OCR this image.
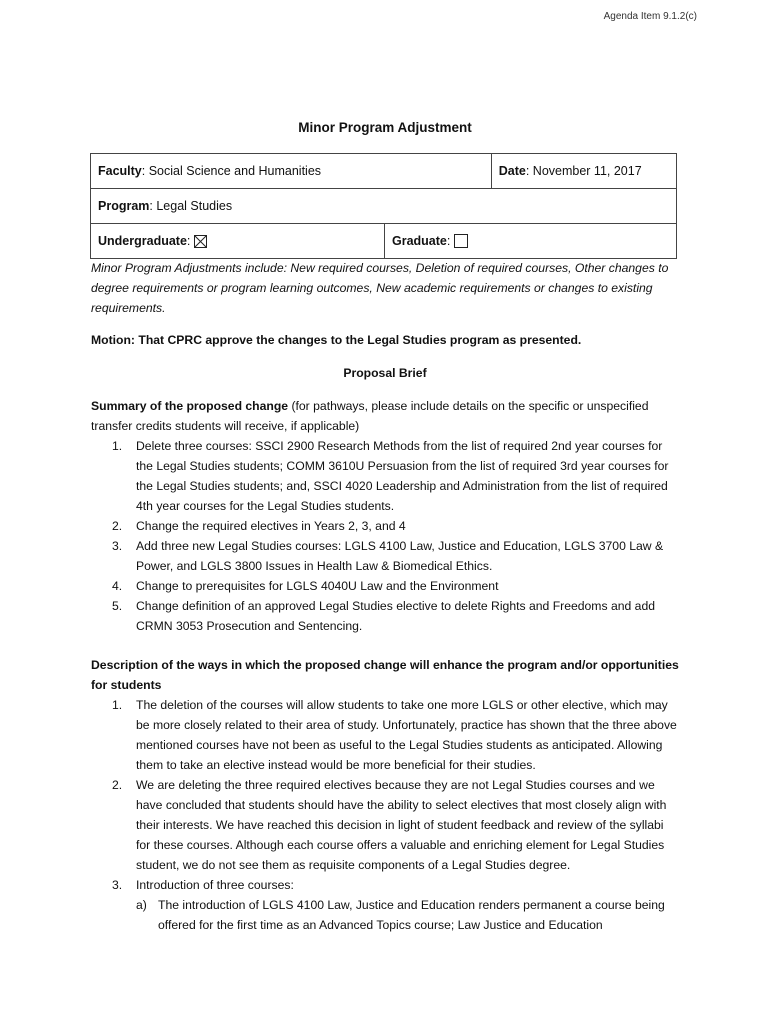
Agenda Item 9.1.2(c)
Minor Program Adjustment
Faculty: Social Science and Humanities		Date: November 11, 2017
Program: Legal Studies		
Undergraduate:	Graduate:	

Minor Program Adjustments include: New required courses, Deletion of required courses, Other changes to degree requirements or program learning outcomes, New academic requirements or changes to existing requirements.

Motion: That CPRC approve the changes to the Legal Studies program as presented.

Proposal Brief

Summary of the proposed change (for pathways, please include details on the specific or unspecified transfer credits students will receive, if applicable)

1. Delete three courses: SSCI 2900 Research Methods from the list of required 2nd year courses for the Legal Studies students; COMM 3610U Persuasion from the list of required 3rd year courses for the Legal Studies students; and, SSCI 4020 Leadership and Administration from the list of required 4th year courses for the Legal Studies students.
2. Change the required electives in Years 2, 3, and 4
3. Add three new Legal Studies courses: LGLS 4100 Law, Justice and Education, LGLS 3700 Law & Power, and LGLS 3800 Issues in Health Law & Biomedical Ethics.
4. Change to prerequisites for LGLS 4040U Law and the Environment
5. Change definition of an approved Legal Studies elective to delete Rights and Freedoms and add CRMN 3053 Prosecution and Sentencing.

Description of the ways in which the proposed change will enhance the program and/or opportunities for students

1. The deletion of the courses will allow students to take one more LGLS or other elective, which may be more closely related to their area of study. Unfortunately, practice has shown that the three above mentioned courses have not been as useful to the Legal Studies students as anticipated. Allowing them to take an elective instead would be more beneficial for their studies.
2. We are deleting the three required electives because they are not Legal Studies courses and we have concluded that students should have the ability to select electives that most closely align with their interests. We have reached this decision in light of student feedback and review of the syllabi for these courses. Although each course offers a valuable and enriching element for Legal Studies student, we do not see them as requisite components of a Legal Studies degree.
3. Introduction of three courses:
a) The introduction of LGLS 4100 Law, Justice and Education renders permanent a course being offered for the first time as an Advanced Topics course; Law Justice and Education
